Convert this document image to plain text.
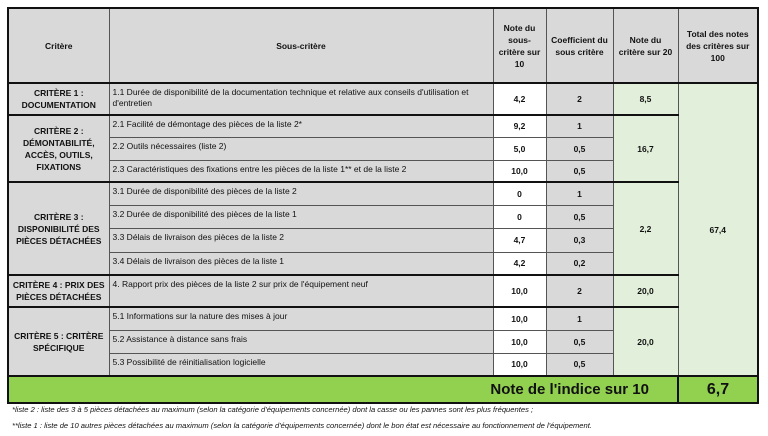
Critère	Sous-critère	Note du sous-critère sur 10	Coefficient du sous critère	Note du critère sur 20	Total des notes des critères sur 100
CRITÈRE 1 : DOCUMENTATION	1.1 Durée de disponibilité de la documentation technique et relative aux conseils d'utilisation et d'entretien	4,2	2	8,5	67,4
CRITÈRE 2 : DÉMONTABILITÉ, ACCÈS, OUTILS, FIXATIONS	2.1 Facilité de démontage des pièces de la liste 2*	9,2	1	16,7	
	2.2 Outils nécessaires (liste 2)	5,0	0,5		
	2.3 Caractéristiques des fixations entre les pièces de la liste 1** et de la liste 2	10,0	0,5		
CRITÈRE 3 : DISPONIBILITÉ DES PIÈCES DÉTACHÉES	3.1 Durée de disponibilité des pièces de la liste 2	0	1	2,2	
	3.2 Durée de disponibilité des pièces de la liste 1	0	0,5		
	3.3 Délais de livraison des pièces de la liste 2	4,7	0,3		
	3.4 Délais de livraison des pièces de la liste 1	4,2	0,2		
CRITÈRE 4 : PRIX DES PIÈCES DÉTACHÉES	4. Rapport prix des pièces de la liste 2 sur prix de l'équipement neuf	10,0	2	20,0	
CRITÈRE 5 : CRITÈRE SPÉCIFIQUE	5.1 Informations sur la nature des mises à jour	10,0	1	20,0	
	5.2 Assistance à distance sans frais	10,0	0,5		
	5.3 Possibilité de réinitialisation logicielle	10,0	0,5		
Note de l'indice sur 10					6,7
*liste 2 : liste des 3 à 5 pièces détachées au maximum (selon la catégorie d'équipements concernée) dont la casse ou les pannes sont les plus fréquentes ;
**liste 1 : liste de 10 autres pièces détachées au maximum (selon la catégorie d'équipements concernée) dont le bon état est nécessaire au fonctionnement de l'équipement.
